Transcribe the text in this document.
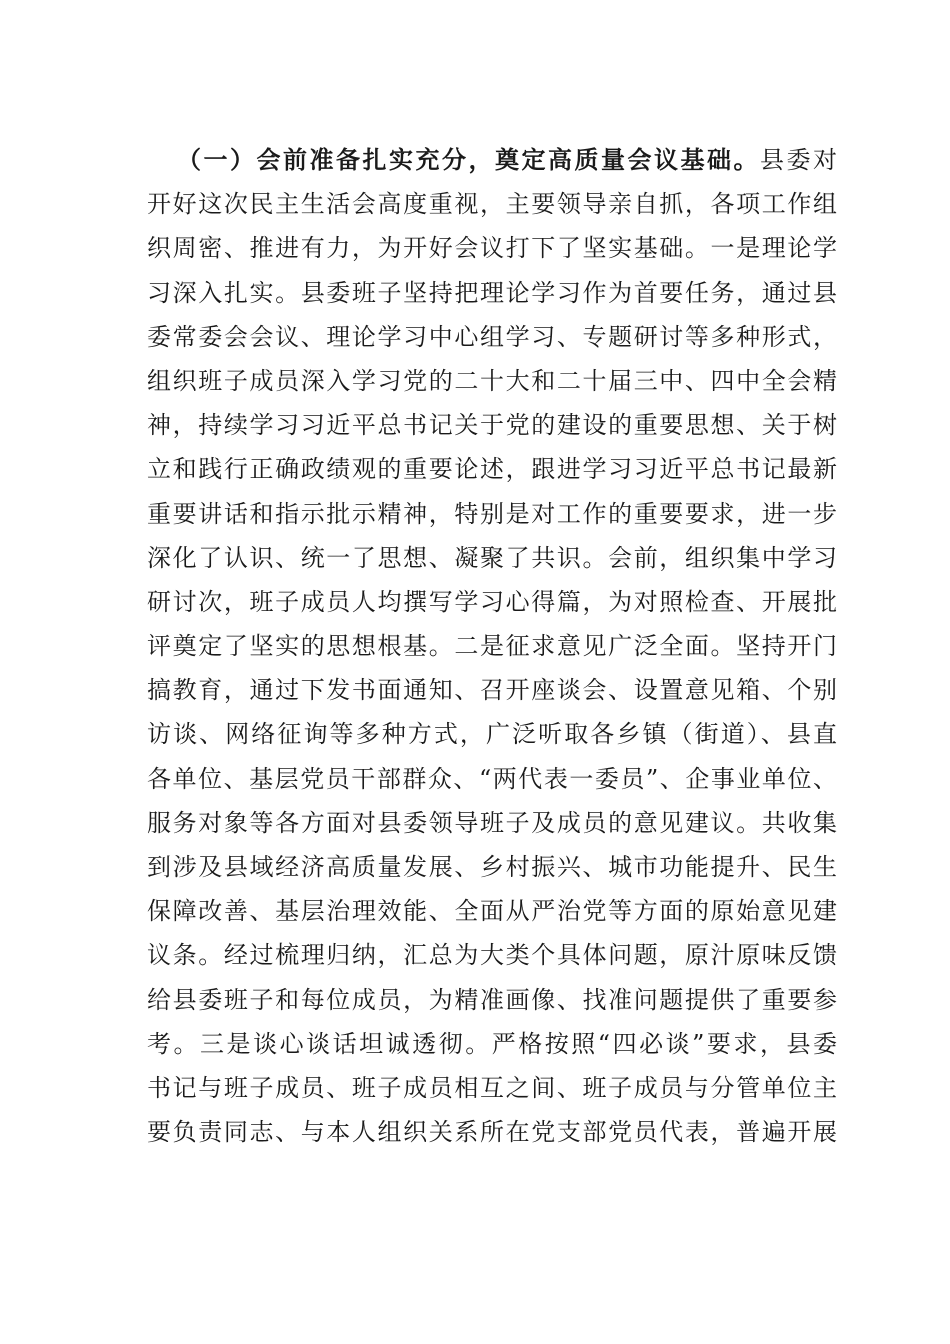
（一）会前准备扎实充分，奠定高质量会议基础。县委对
开好这次民主生活会高度重视，主要领导亲自抓，各项工作组
织周密、推进有力，为开好会议打下了坚实基础。一是理论学
习深入扎实。县委班子坚持把理论学习作为首要任务，通过县
委常委会会议、理论学习中心组学习、专题研讨等多种形式，
组织班子成员深入学习党的二十大和二十届三中、四中全会精
神，持续学习习近平总书记关于党的建设的重要思想、关于树
立和践行正确政绩观的重要论述，跟进学习习近平总书记最新
重要讲话和指示批示精神，特别是对工作的重要要求，进一步
深化了认识、统一了思想、凝聚了共识。会前，组织集中学习
研讨次，班子成员人均撰写学习心得篇，为对照检查、开展批
评奠定了坚实的思想根基。二是征求意见广泛全面。坚持开门
搞教育，通过下发书面通知、召开座谈会、设置意见箱、个别
访谈、网络征询等多种方式，广泛听取各乡镇（街道）、县直
各单位、基层党员干部群众、“两代表一委员”、企事业单位、
服务对象等各方面对县委领导班子及成员的意见建议。共收集
到涉及县域经济高质量发展、乡村振兴、城市功能提升、民生
保障改善、基层治理效能、全面从严治党等方面的原始意见建
议条。经过梳理归纳，汇总为大类个具体问题，原汁原味反馈
给县委班子和每位成员，为精准画像、找准问题提供了重要参
考。三是谈心谈话坦诚透彻。严格按照“四必谈”要求，县委
书记与班子成员、班子成员相互之间、班子成员与分管单位主
要负责同志、与本人组织关系所在党支部党员代表，普遍开展
